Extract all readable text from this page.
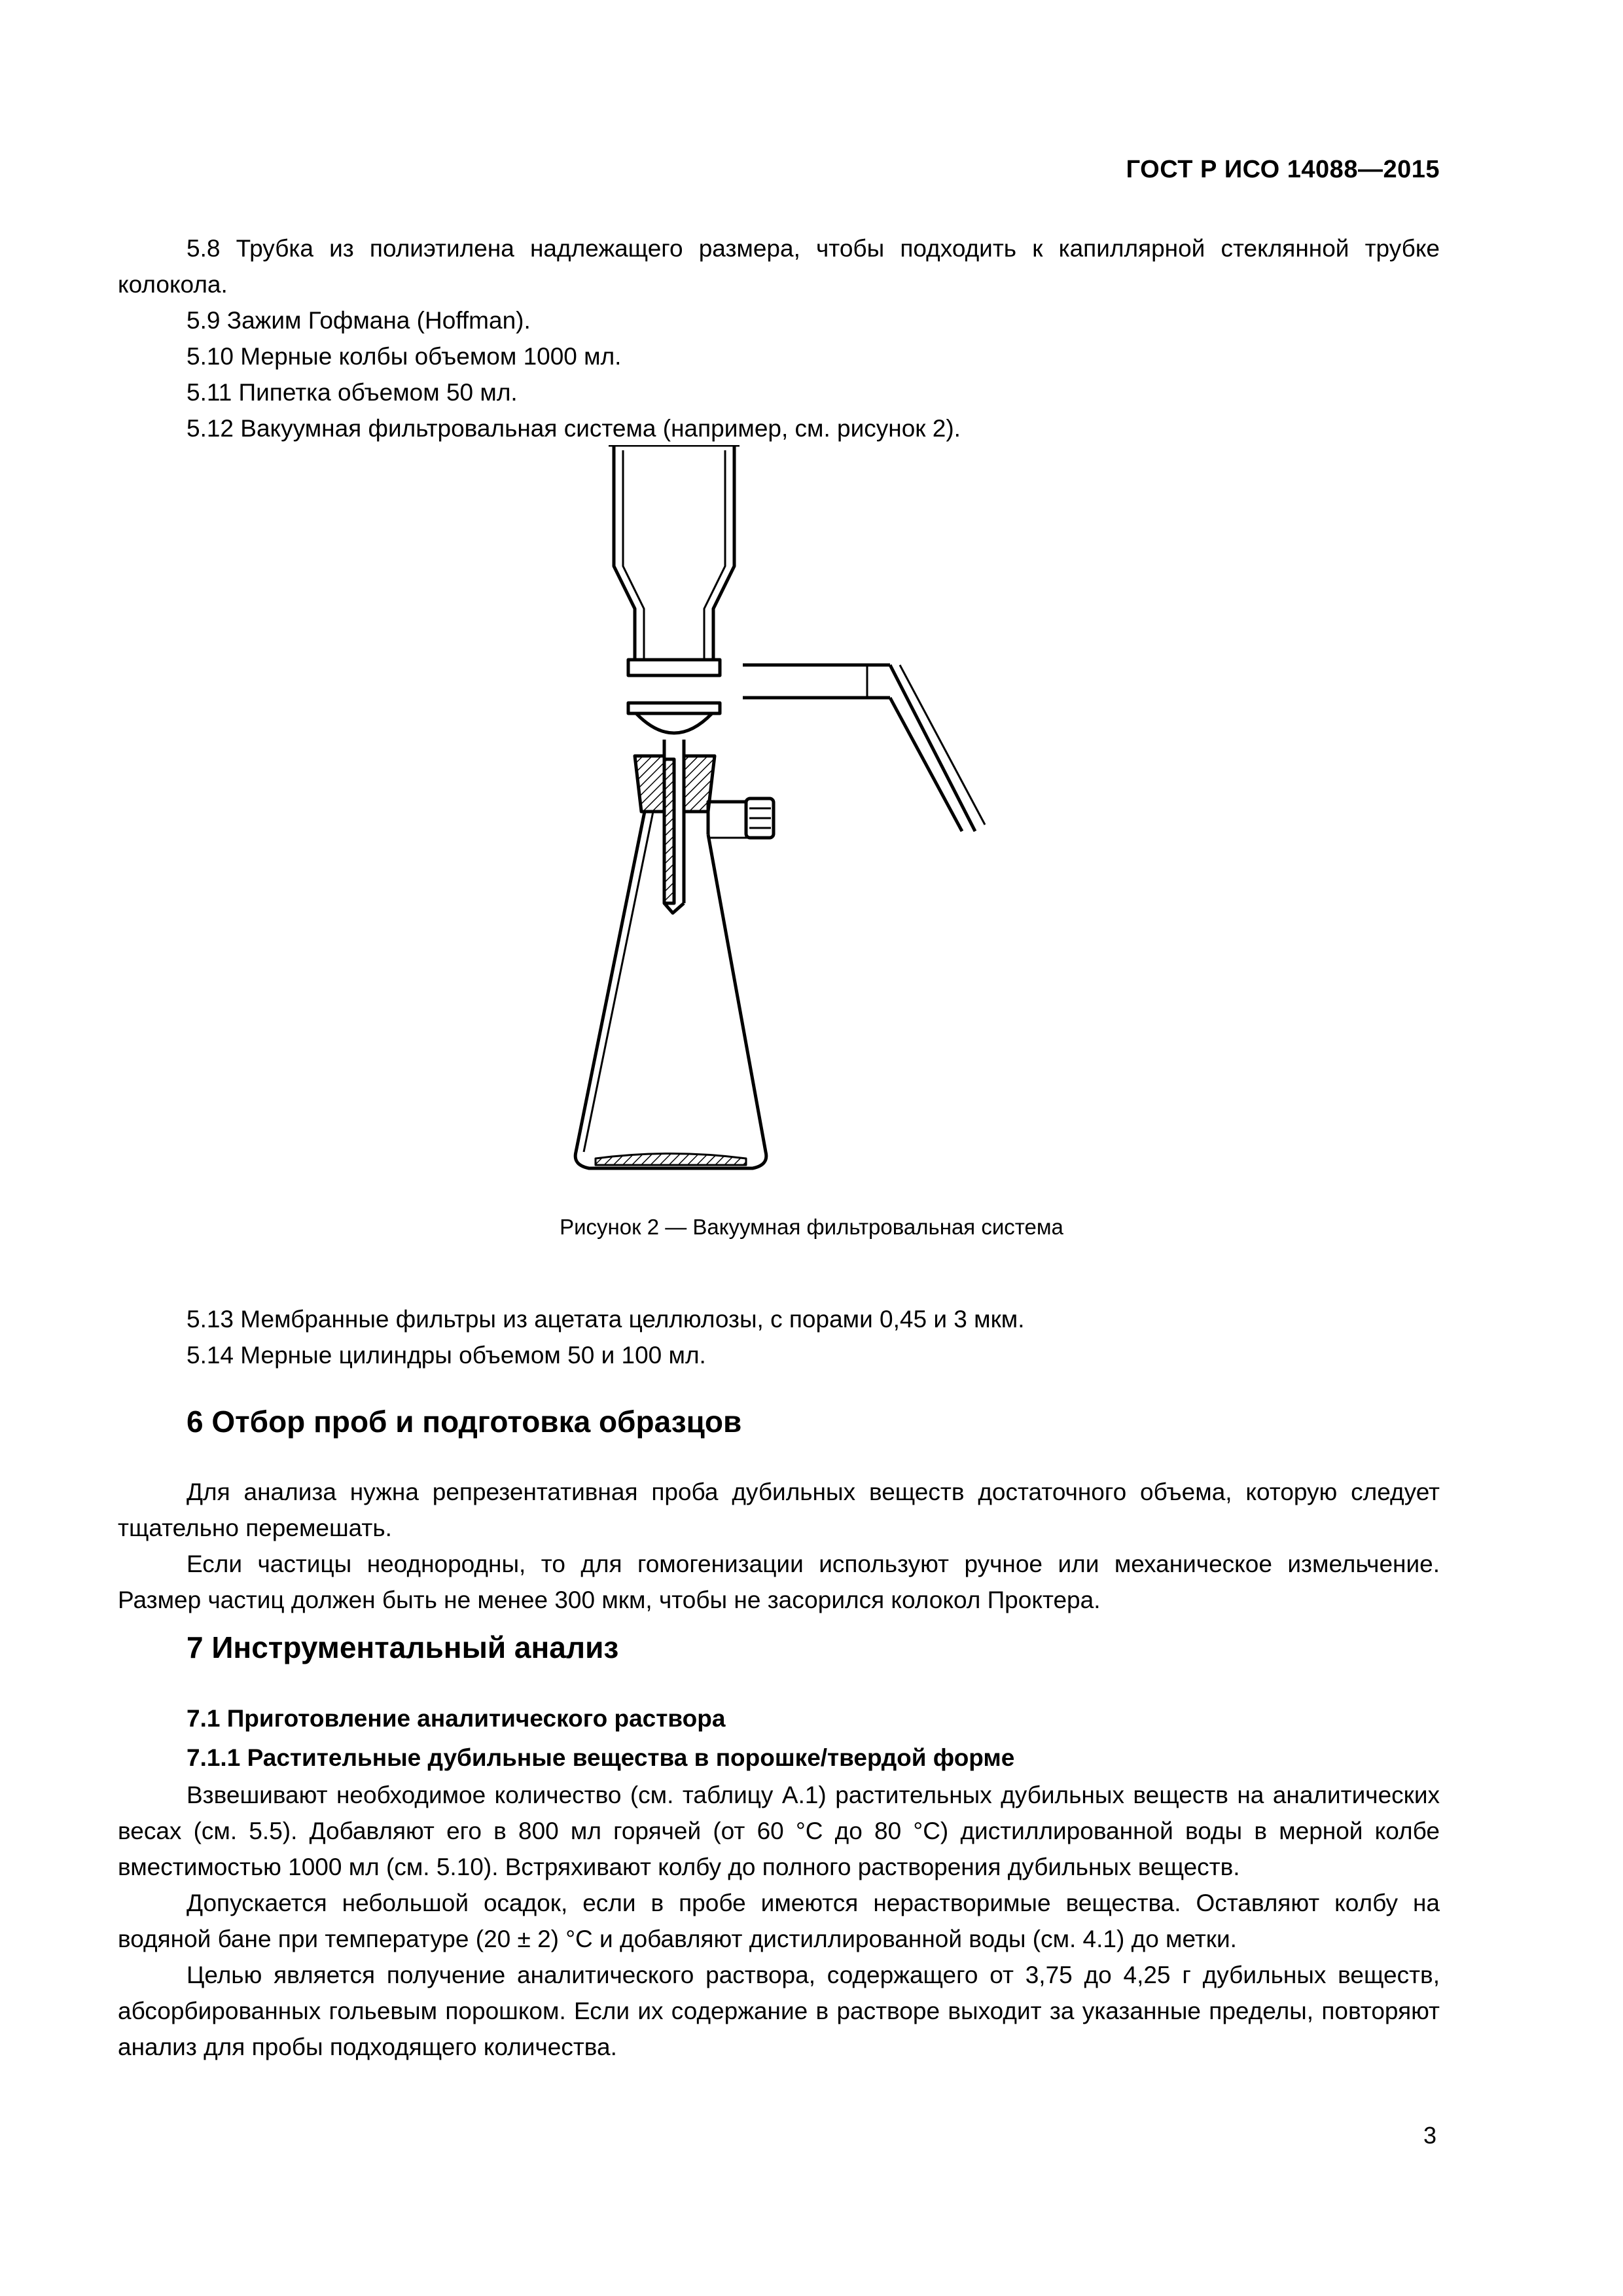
ГОСТ Р ИСО 14088—2015

5.8 Трубка из полиэтилена надлежащего размера, чтобы подходить к капиллярной стеклянной трубке колокола.

5.9 Зажим Гофмана (Hoffman).

5.10 Мерные колбы объемом 1000 мл.

5.11 Пипетка объемом 50 мл.

5.12 Вакуумная фильтровальная система (например, см. рисунок 2).

Рисунок 2 — Вакуумная фильтровальная система

5.13 Мембранные фильтры из ацетата целлюлозы, с порами 0,45 и 3 мкм.

5.14 Мерные цилиндры объемом 50 и 100 мл.

6 Отбор проб и подготовка образцов

Для анализа нужна репрезентативная проба дубильных веществ достаточного объема, которую следует тщательно перемешать.

Если частицы неоднородны, то для гомогенизации используют ручное или механическое измельчение. Размер частиц должен быть не менее 300 мкм, чтобы не засорился колокол Проктера.

7 Инструментальный анализ
7.1 Приготовление аналитического раствора
7.1.1 Растительные дубильные вещества в порошке/твердой форме

Взвешивают необходимое количество (см. таблицу А.1) растительных дубильных веществ на аналитических весах (см. 5.5). Добавляют его в 800 мл горячей (от 60 °С до 80 °С) дистиллированной воды в мерной колбе вместимостью 1000 мл (см. 5.10). Встряхивают колбу до полного растворения дубильных веществ.

Допускается небольшой осадок, если в пробе имеются нерастворимые вещества. Оставляют колбу на водяной бане при температуре (20 ± 2) °С и добавляют дистиллированной воды (см. 4.1) до метки.

Целью является получение аналитического раствора, содержащего от 3,75 до 4,25 г дубильных веществ, абсорбированных гольевым порошком. Если их содержание в растворе выходит за указанные пределы, повторяют анализ для пробы подходящего количества.

3
